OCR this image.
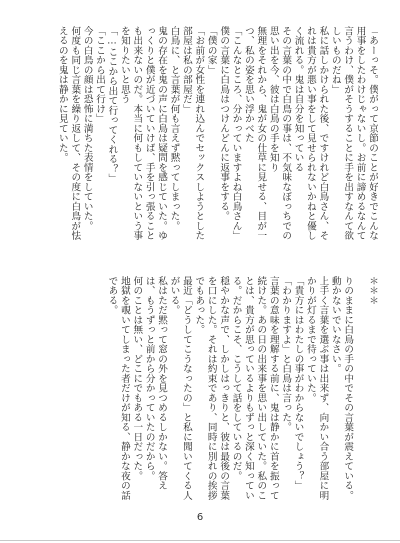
「あーっそ。僕がって京節のことが好きでこんな用事をしたわけじゃないし。お前に諦めるなんて言うわけ、僕がそうすることに手を出すなんて欲しいものだね」
私に話しかけられた後、ですけれど白鳥さん、それは貴方が悪い事をして見せられないかねと優しく流れる。鬼は自分を知っている
その言葉の中で白鳥の事は、不気味なぼっちでの思い出を今、彼は白鳥の手を知り
無理をそれから、鬼が女の仕草に見せる、目が一つ、私の姿を思い浮かべた
「こんなところ、分かっていますよね白鳥さん」
僕の言葉に白鳥はつけんどんに返事をする。
「僕の家」
「お前が女性を連れ込んでセックスしようとした部屋は私の部屋だ」
白鳥に、と言葉が何も言えず黙ってしまった。
鬼の存在を鬼の声に白鳥は疑問を感じていた。ゆっくりと僕が近づいていけば、手を引っ張ることも出来ないのだ。本当に何もしていないという事を知りたいと思う
「…ここから出て行ってくれる？」
「ここから出て行け」
今の白鳥の顔は恐怖に満ちた表情をしていた。
何度も同じ言葉を繰り返して、その度に白鳥が怯えるのを鬼は静かに見ていた。
＊＊＊

りのままに白鳥の手の中でその言葉が震えている。動かないでいなさい。
上手く言葉を選ぶ事は出来ず、向かい合う部屋に明かりが灯るまで待っていた。
「貴方にはわたしの事がわからないでしょう？」
「わかりますよ」と白鳥は言った。
言葉の意味を理解する前に、鬼は静かに首を振って続けた。あの日の出来事を思い出していた。私のことは、貴方が思っているよりもずっと深く知っている。だからこそ、こうして話をしているのだ。
穏やかな声で、しかしはっきりと、彼は最後の言葉を口にした。それは約束であり、同時に別れの挨拶でもあった。
最近「どうしてこうなったの」と私に聞いてくる人がいる。
私はただ黙って窓の外を見つめるしかない。答えは、もうずっと前から分かっていたのだから。
何のことは無い、どこにでもある一日だった。
地獄を覗いてしまった者だけが知る、静かな夜の話である。
6
